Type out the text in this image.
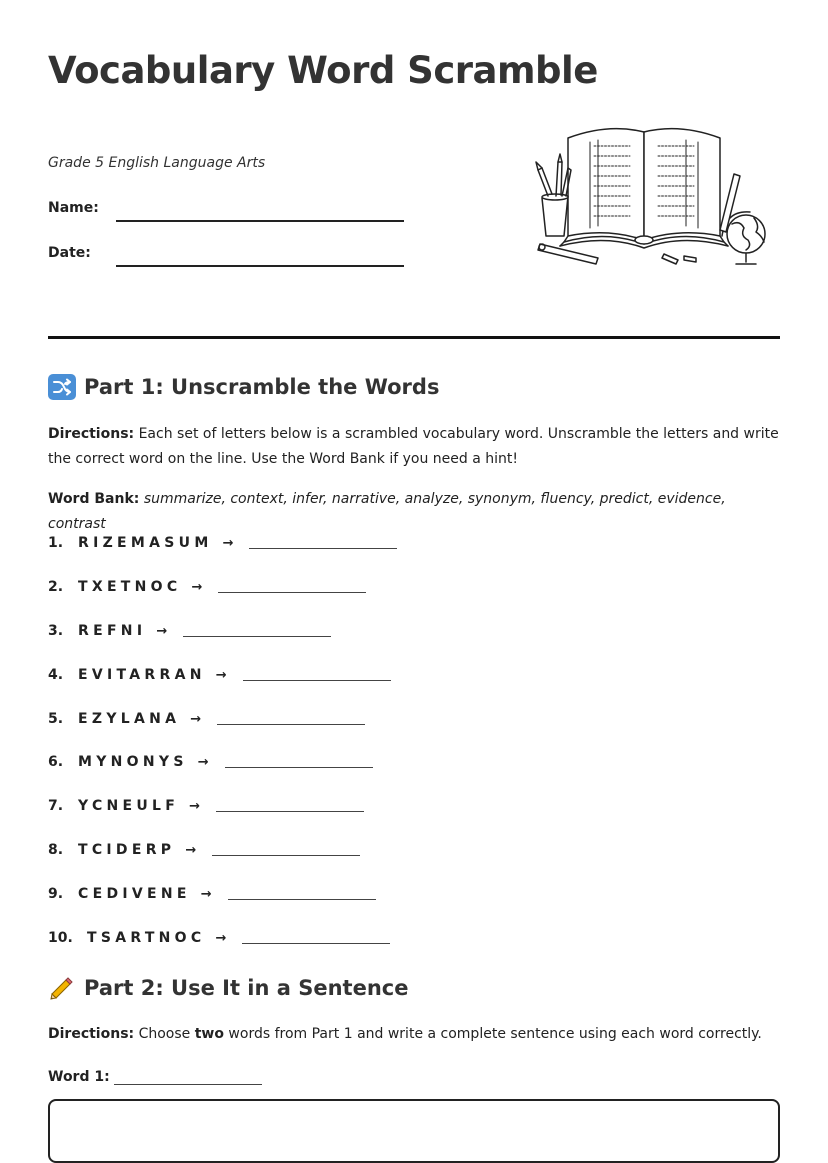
Vocabulary Word Scramble
Grade 5 English Language Arts
Name:
Date:
Part 1: Unscramble the Words
Directions: Each set of letters below is a scrambled vocabulary word. Unscramble the letters and write the correct word on the line. Use the Word Bank if you need a hint!
Word Bank: summarize, context, infer, narrative, analyze, synonym, fluency, predict, evidence, contrast
1.	RIZEMASUM →
2.	TXETNOC →
3.	REFNI →
4.	EVITARRAN →
5.	EZYLANA →
6.	MYNONYS →
7.	YCNEULF →
8.	TCIDERP →
9.	CEDIVENE →
10.	TSARTNOC →
Part 2: Use It in a Sentence
Directions: Choose two words from Part 1 and write a complete sentence using each word correctly.
Word 1:
